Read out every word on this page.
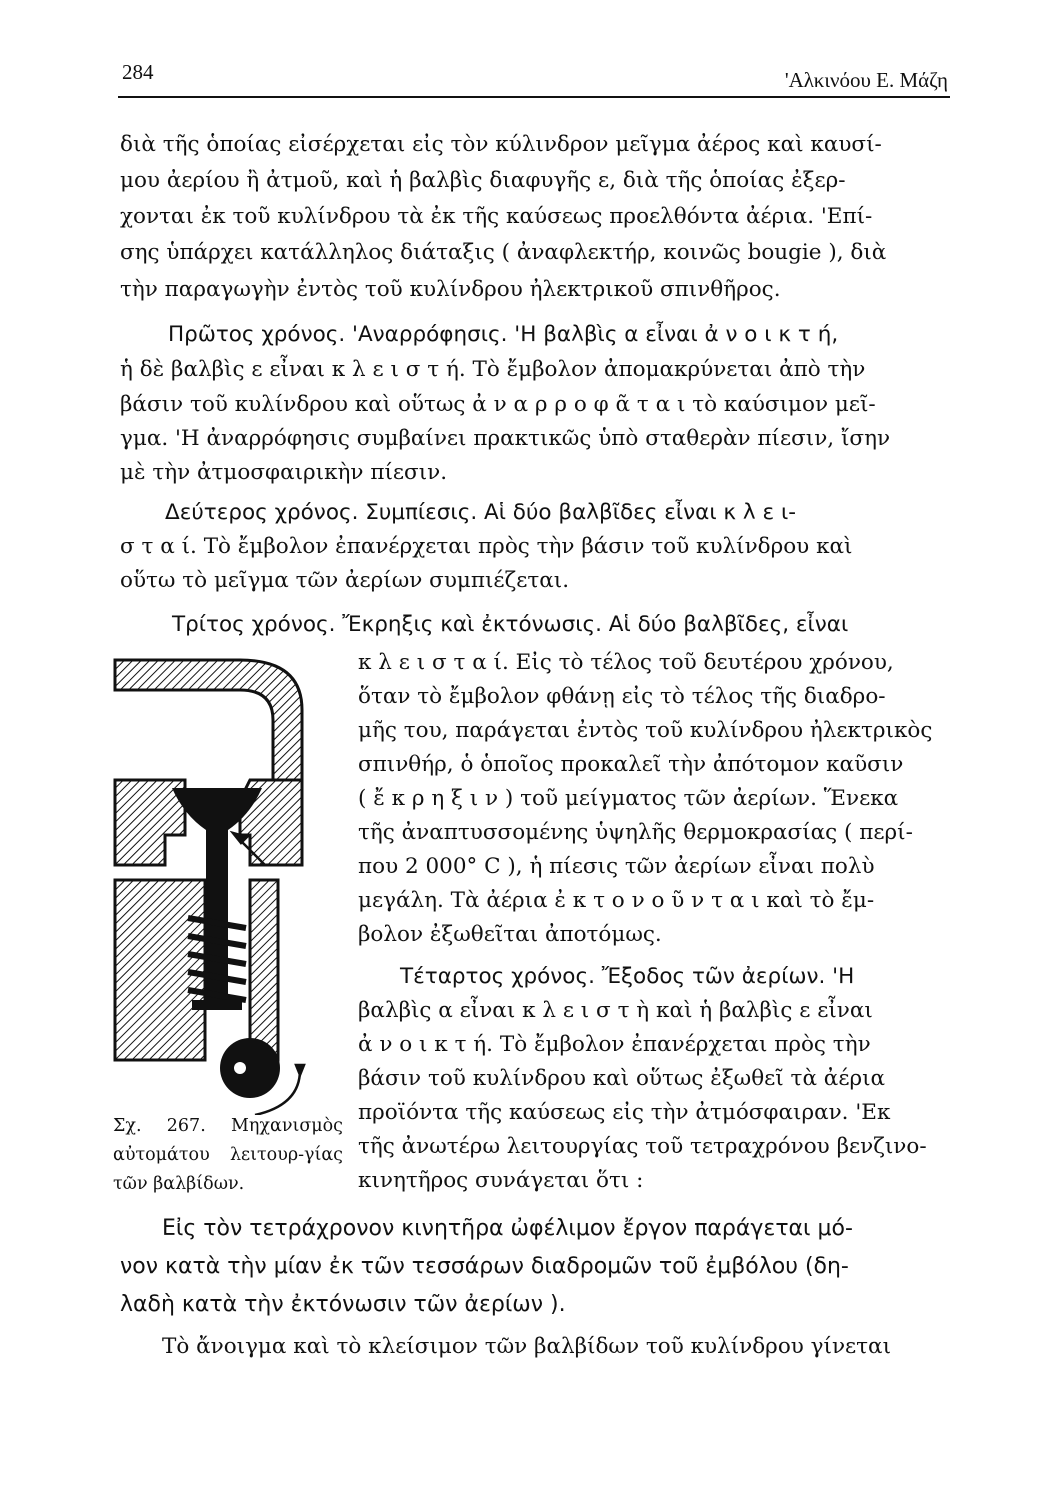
284	'Αλκινόου Ε. Μάζη
διὰ τῆς ὁποίας εἰσέρχεται εἰς τὸν κύλινδρον μεῖγμα ἀέρος καὶ καυσί-
μου ἀερίου ἢ ἀτμοῦ, καὶ ἡ βαλβὶς διαφυγῆς ε, διὰ τῆς ὁποίας ἐξερ-
χονται ἐκ τοῦ κυλίνδρου τὰ ἐκ τῆς καύσεως προελθόντα ἀέρια. 'Επί-
σης ὑπάρχει κατάλληλος διάταξις ( ἀναφλεκτήρ, κοινῶς bougie ), διὰ
τὴν παραγωγὴν ἐντὸς τοῦ κυλίνδρου ἠλεκτρικοῦ σπινθῆρος.
Πρῶτος χρόνος. 'Αναρρόφησις. 'Η βαλβὶς α εἶναι ἀ ν ο ι κ τ ή,
ἡ δὲ βαλβὶς ε εἶναι κ λ ε ι σ τ ή. Τὸ ἔμβολον ἀπομακρύνεται ἀπὸ τὴν
βάσιν τοῦ κυλίνδρου καὶ οὕτως ἀ ν α ρ ρ ο φ ᾶ τ α ι τὸ καύσιμον μεῖ-
γμα. 'Η ἀναρρόφησις συμβαίνει πρακτικῶς ὑπὸ σταθερὰν πίεσιν, ἴσην
μὲ τὴν ἀτμοσφαιρικὴν πίεσιν.
Δεύτερος χρόνος. Συμπίεσις. Αἱ δύο βαλβῖδες εἶναι κ λ ε ι-
σ τ α ί. Τὸ ἔμβολον ἐπανέρχεται πρὸς τὴν βάσιν τοῦ κυλίνδρου καὶ
οὕτω τὸ μεῖγμα τῶν ἀερίων συμπιέζεται.
Τρίτος χρόνος. Ἔκρηξις καὶ ἐκτόνωσις. Αἱ δύο βαλβῖδες, εἶναι
κ λ ε ι σ τ α ί. Εἰς τὸ τέλος τοῦ δευτέρου χρόνου,
ὅταν τὸ ἔμβολον φθάνῃ εἰς τὸ τέλος τῆς διαδρο-
μῆς του, παράγεται ἐντὸς τοῦ κυλίνδρου ἠλεκτρικὸς
σπινθήρ, ὁ ὁποῖος προκαλεῖ τὴν ἀπότομον καῦσιν
( ἔ κ ρ η ξ ι ν ) τοῦ μείγματος τῶν ἀερίων. Ἕνεκα
τῆς ἀναπτυσσομένης ὑψηλῆς θερμοκρασίας ( περί-
που 2 000° C ), ἡ πίεσις τῶν ἀερίων εἶναι πολὺ
μεγάλη. Τὰ ἀέρια ἐ κ τ ο ν ο ῦ ν τ α ι καὶ τὸ ἔμ-
βολον ἐξωθεῖται ἀποτόμως.
Τέταρτος χρόνος. Ἔξοδος τῶν ἀερίων. 'Η
βαλβὶς α εἶναι κ λ ε ι σ τ ὴ καὶ ἡ βαλβὶς ε εἶναι
ἀ ν ο ι κ τ ή. Τὸ ἔμβολον ἐπανέρχεται πρὸς τὴν
βάσιν τοῦ κυλίνδρου καὶ οὕτως ἐξωθεῖ τὰ ἀέρια
προϊόντα τῆς καύσεως εἰς τὴν ἀτμόσφαιραν. 'Εκ
τῆς ἀνωτέρω λειτουργίας τοῦ τετραχρόνου βενζινο-
κινητῆρος συνάγεται ὅτι :
Σχ. 267. Μηχανισμὸς αὐτομάτου λειτουρ-γίας τῶν βαλβίδων.
Εἰς τὸν τετράχρονον κινητῆρα ὠφέλιμον ἔργον παράγεται μό-
νον κατὰ τὴν μίαν ἐκ τῶν τεσσάρων διαδρομῶν τοῦ ἐμβόλου (δη-
λαδὴ κατὰ τὴν ἐκτόνωσιν τῶν ἀερίων ).
Τὸ ἄνοιγμα καὶ τὸ κλείσιμον τῶν βαλβίδων τοῦ κυλίνδρου γίνεται
